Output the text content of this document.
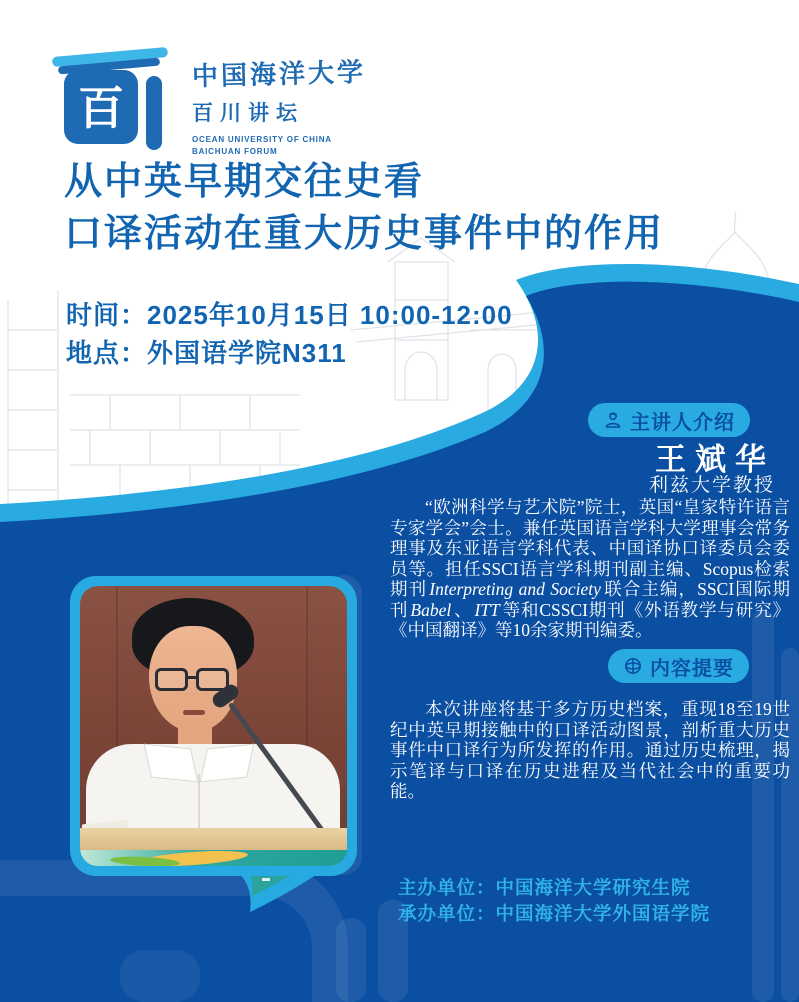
百
中国海洋大学
百川讲坛
OCEAN UNIVERSITY OF CHINA
BAICHUAN FORUM
从中英早期交往史看
口译活动在重大历史事件中的作用
时间：2025年10月15日 10:00-12:00
地点：外国语学院N311
主讲人介绍
王斌华
利兹大学教授

“欧洲科学与艺术院”院士，英国“皇家特许语言专家学会”会士。兼任英国语言学科大学理事会常务理事及东亚语言学科代表、中国译协口译委员会委员等。担任SSCI语言学科期刊副主编、Scopus检索期刊 Interpreting and Society 联合主编，SSCI国际期刊 Babel 、 ITT 等和CSSCI期刊《外语教学与研究》《中国翻译》等10余家期刊编委。

内容提要

本次讲座将基于多方历史档案，重现18至19世纪中英早期接触中的口译活动图景，剖析重大历史事件中口译行为所发挥的作用。通过历史梳理，揭示笔译与口译在历史进程及当代社会中的重要功能。

主办单位：中国海洋大学研究生院
承办单位：中国海洋大学外国语学院
